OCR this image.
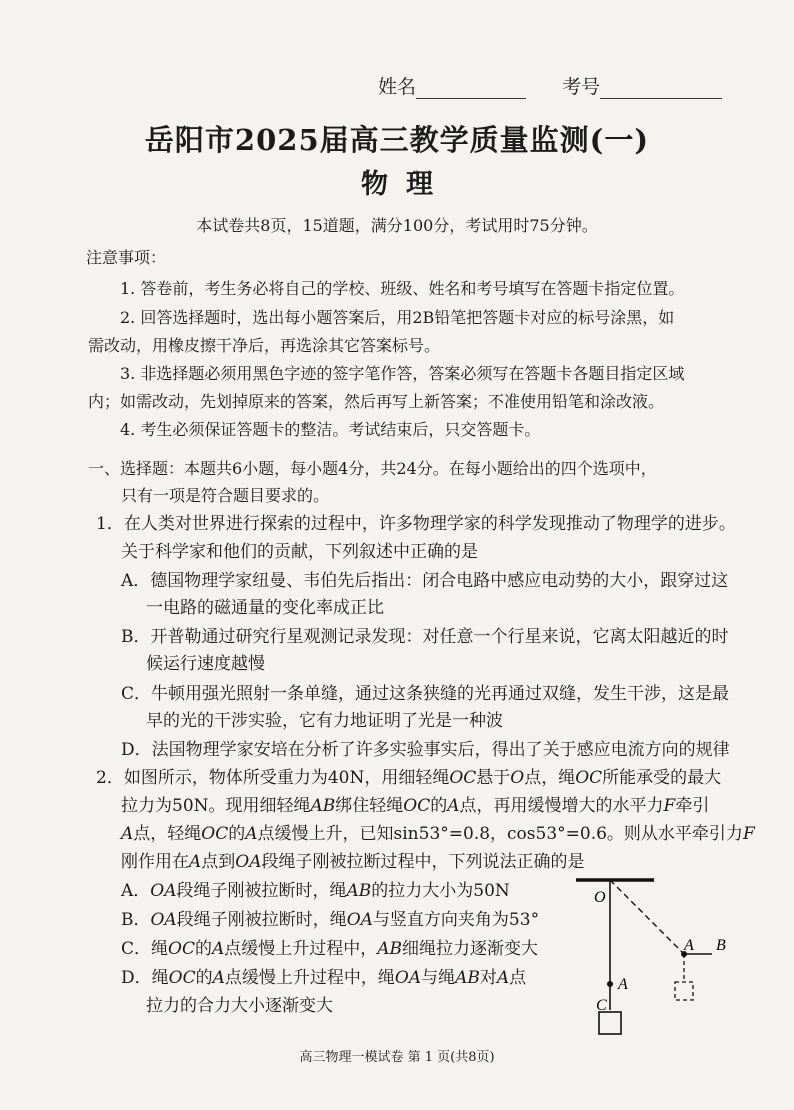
姓名	考号
岳阳市2025届高三教学质量监测(一)
物理
本试卷共8页，15道题，满分100分，考试用时75分钟。
注意事项：
1. 答卷前，考生务必将自己的学校、班级、姓名和考号填写在答题卡指定位置。
2. 回答选择题时，选出每小题答案后，用2B铅笔把答题卡对应的标号涂黑，如
需改动，用橡皮擦干净后，再选涂其它答案标号。
3. 非选择题必须用黑色字迹的签字笔作答，答案必须写在答题卡各题目指定区域
内；如需改动，先划掉原来的答案，然后再写上新答案；不准使用铅笔和涂改液。
4. 考生必须保证答题卡的整洁。考试结束后，只交答题卡。
一、选择题：本题共6小题，每小题4分，共24分。在每小题给出的四个选项中，
只有一项是符合题目要求的。
1．在人类对世界进行探索的过程中，许多物理学家的科学发现推动了物理学的进步。
关于科学家和他们的贡献，下列叙述中正确的是
A．德国物理学家纽曼、韦伯先后指出：闭合电路中感应电动势的大小，跟穿过这
一电路的磁通量的变化率成正比
B．开普勒通过研究行星观测记录发现：对任意一个行星来说，它离太阳越近的时
候运行速度越慢
C．牛顿用强光照射一条单缝，通过这条狭缝的光再通过双缝，发生干涉，这是最
早的光的干涉实验，它有力地证明了光是一种波
D．法国物理学家安培在分析了许多实验事实后，得出了关于感应电流方向的规律
2．如图所示，物体所受重力为40N，用细轻绳OC悬于O点，绳OC所能承受的最大
拉力为50N。现用细轻绳AB绑住轻绳OC的A点，再用缓慢增大的水平力F牵引
A点，轻绳OC的A点缓慢上升，已知sin53°=0.8，cos53°=0.6。则从水平牵引力F
刚作用在A点到OA段绳子刚被拉断过程中，下列说法正确的是
A．OA段绳子刚被拉断时，绳AB的拉力大小为50N
B．OA段绳子刚被拉断时，绳OA与竖直方向夹角为53°
C．绳OC的A点缓慢上升过程中，AB细绳拉力逐渐变大
D．绳OC的A点缓慢上升过程中，绳OA与绳AB对A点
拉力的合力大小逐渐变大
O
A B
A
C
高三物理一模试卷 第 1 页(共8页)
